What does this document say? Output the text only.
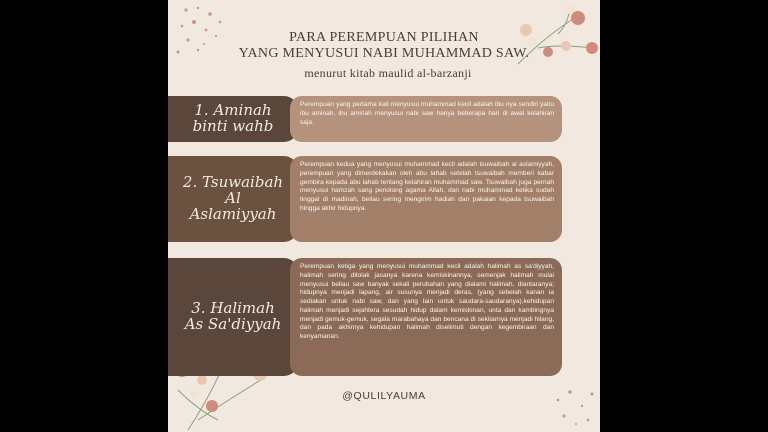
PARA PEREMPUAN PILIHAN
YANG MENYUSUI NABI MUHAMMAD SAW.
menurut kitab maulid al-barzanji
1. Aminah
binti wahb
Perempuan yang pertama kali menyusui muhammad kecil adalah ibu nya sendiri yaitu ibu aminah, ibu aminah menyusui nabi saw hanya beberapa hari di awal kelahiran saja.
2. Tsuwaibah
Al
Aslamiyyah
Perempuan kedua yang menyusui muhammad kecil adalah tsuwaibah al aslamiyyah, perempuan yang dimerdekakan oleh abu lahab setelah tsuwaibah memberi kabar gembira kepada abu lahab tentang kelahiran muhammad saw. Tsuwaibah juga pernah menyusui hamzah sang penolong agama Allah, dan nabi muhammad ketika sudah tinggal di madinah, beliau sering mengirim hadiah dan pakaian kepada tsuwaibah hingga akhir hidupnya.
3. Halimah
As Sa'diyyah
Perempuan ketiga yang menyusui muhammad kecil adalah halimah as sa'diyyah, halimah sering ditolak jasanya karena kemiskinannya, semenjak halimah mulai menyusui beliau saw banyak sekali perubahan yang dialami halimah, diantaranya; hidupnya menjadi lapang, air susunya menjadi deras, (yang sebelah kanan ia sediakan untuk nabi saw, dan yang lain untuk saudara-saudaranya),kehidupan halimah menjadi sejahtera sesudah hidup dalam kemiskinan, unta dan kambingnya menjadi gemuk-gemuk, segala marabahaya dan bencana di sekitarnya menjadi hilang, dan pada akhirnya kehidupan halimah diselimuti dengan kegembiraan dan kenyamanan.
@QULILYAUMA
